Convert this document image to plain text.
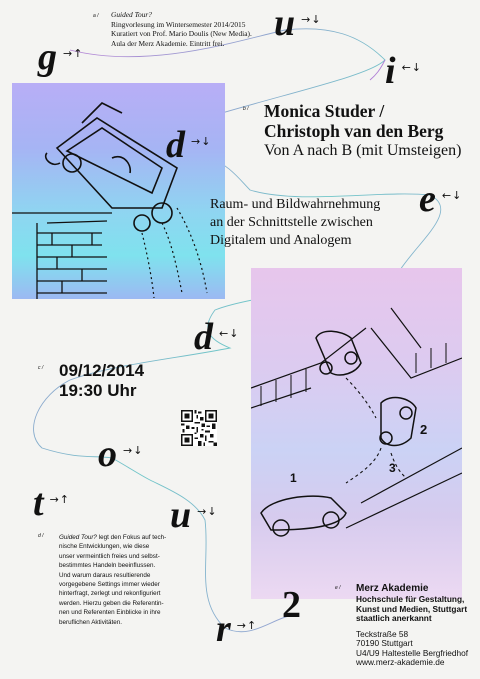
1
2
3
g →↑
u →↓
i ←↓
d →↓
e ←↓
d ←↓
o →↓
t →↑	u →↓
r →↑ 2
a /
b /
c /
d /
e /
Guided Tour?
Ringvorlesung im Wintersemester 2014/2015
Kuratiert von Prof. Mario Doulis (New Media).
Aula der Merz Akademie. Eintritt frei.
Monica Studer /
Christoph van den Berg
Von A nach B (mit Umsteigen)
Raum- und Bildwahrnehmung
an der Schnittstelle zwischen
Digitalem und Analogem
09/12/2014
19:30 Uhr
Guided Tour? legt den Fokus auf tech-
nische Entwicklungen, wie diese
unser vermeintlich freies und selbst-
bestimmtes Handeln beeinflussen.
Und warum daraus resultierende
vorgegebene Settings immer wieder
hinterfragt, zerlegt und rekonfiguriert
werden. Hierzu geben die Referentin-
nen und Referenten Einblicke in ihre
beruflichen Aktivitäten.
Merz Akademie
Hochschule für Gestaltung,
Kunst und Medien, Stuttgart
staatlich anerkannt
Teckstraße 58
70190 Stuttgart
U4/U9 Haltestelle Bergfriedhof
www.merz-akademie.de
